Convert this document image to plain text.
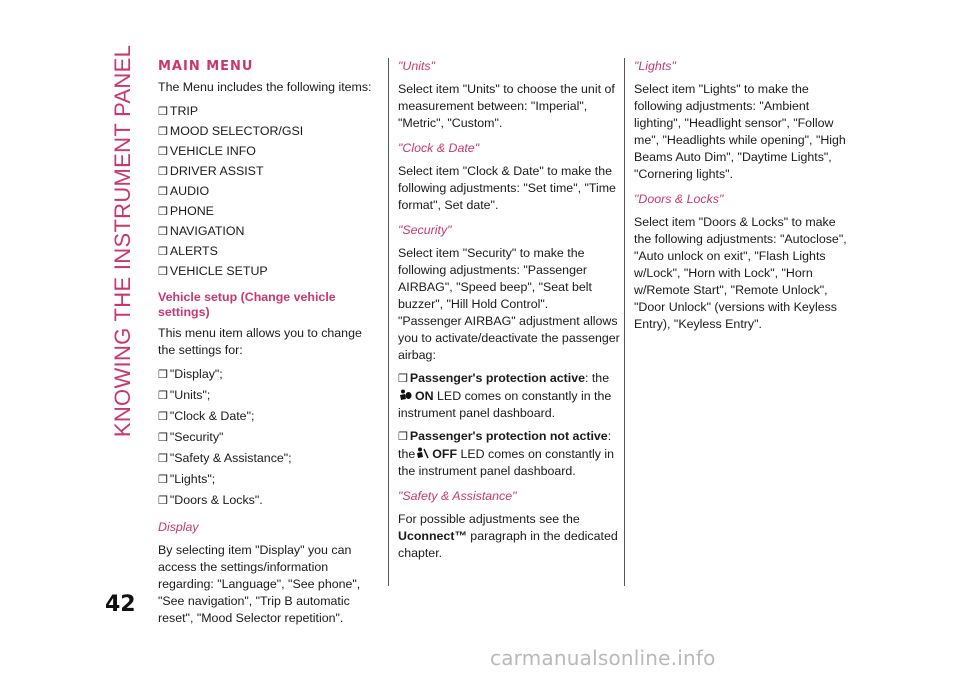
KNOWING THE INSTRUMENT PANEL MAIN MENU

The Menu includes the following items:

❒ TRIP
❒ MOOD SELECTOR/GSI
❒ VEHICLE INFO
❒ DRIVER ASSIST
❒ AUDIO
❒ PHONE
❒ NAVIGATION
❒ ALERTS
❒ VEHICLE SETUP
Vehicle setup (Change vehicle settings)

This menu item allows you to change the settings for:

❒ "Display";
❒ "Units";
❒ "Clock & Date";
❒ "Security"
❒ "Safety & Assistance";
❒ "Lights";
❒ "Doors & Locks".
Display

By selecting item "Display" you can access the settings/information regarding: "Language", "See phone", "See navigation", "Trip B automatic reset", "Mood Selector repetition".

"Units"

Select item "Units" to choose the unit of measurement between: "Imperial", "Metric", "Custom".

"Clock & Date"

Select item "Clock & Date" to make the following adjustments: "Set time", "Time format", Set date".

"Security"

Select item "Security" to make the following adjustments: "Passenger AIRBAG", "Speed beep", "Seat belt buzzer", "Hill Hold Control".

"Passenger AIRBAG" adjustment allows you to activate/deactivate the passenger airbag:

❒ Passenger's protection active: the
ON LED comes on constantly in the instrument panel dashboard.

❒ Passenger's protection not active: the OFF LED comes on constantly in the instrument panel dashboard.

"Safety & Assistance"

For possible adjustments see the
Uconnect™ paragraph in the dedicated chapter.

"Lights"

Select item "Lights" to make the following adjustments: "Ambient lighting", "Headlight sensor", "Follow me", "Headlights while opening", "High Beams Auto Dim", "Daytime Lights", "Cornering lights".

"Doors & Locks"

Select item "Doors & Locks" to make the following adjustments: "Autoclose", "Auto unlock on exit", "Flash Lights w/Lock", "Horn with Lock", "Horn w/Remote Start", "Remote Unlock", "Door Unlock" (versions with Keyless Entry), "Keyless Entry".

42
carmanualsonline.info
